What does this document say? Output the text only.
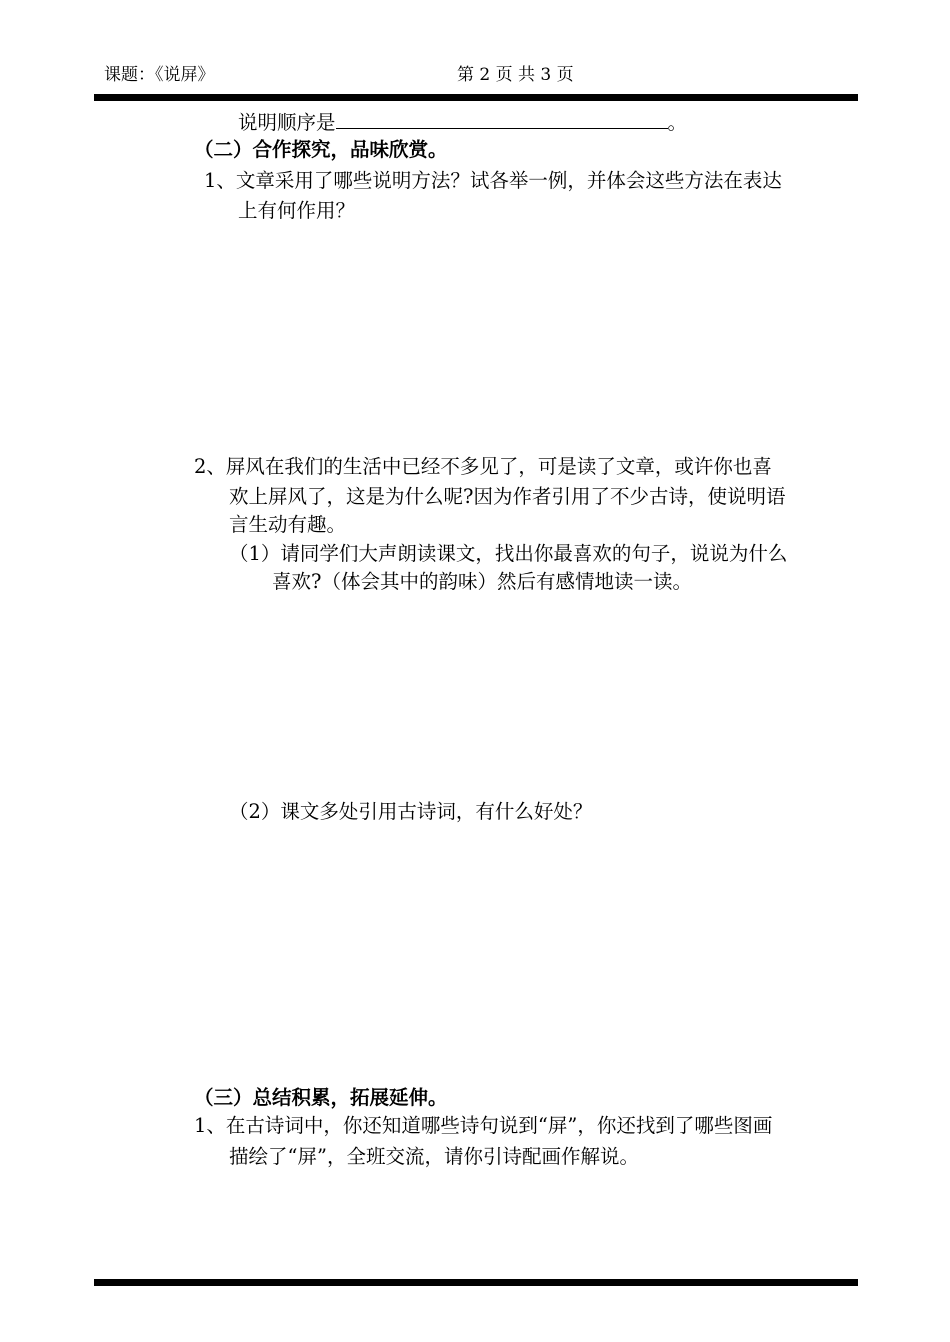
课题：《说屏》	第 2 页 共 3 页
说明顺序是	。
（二）合作探究，品味欣赏。
1、文章采用了哪些说明方法？试各举一例，并体会这些方法在表达
上有何作用？
2、屏风在我们的生活中已经不多见了，可是读了文章，或许你也喜
欢上屏风了，这是为什么呢?因为作者引用了不少古诗，使说明语
言生动有趣。
（1）请同学们大声朗读课文，找出你最喜欢的句子，说说为什么
喜欢?（体会其中的韵味）然后有感情地读一读。
（2）课文多处引用古诗词，有什么好处？
（三）总结积累，拓展延伸。
1、在古诗词中，你还知道哪些诗句说到“屏”，你还找到了哪些图画
描绘了“屏”，全班交流，请你引诗配画作解说。
